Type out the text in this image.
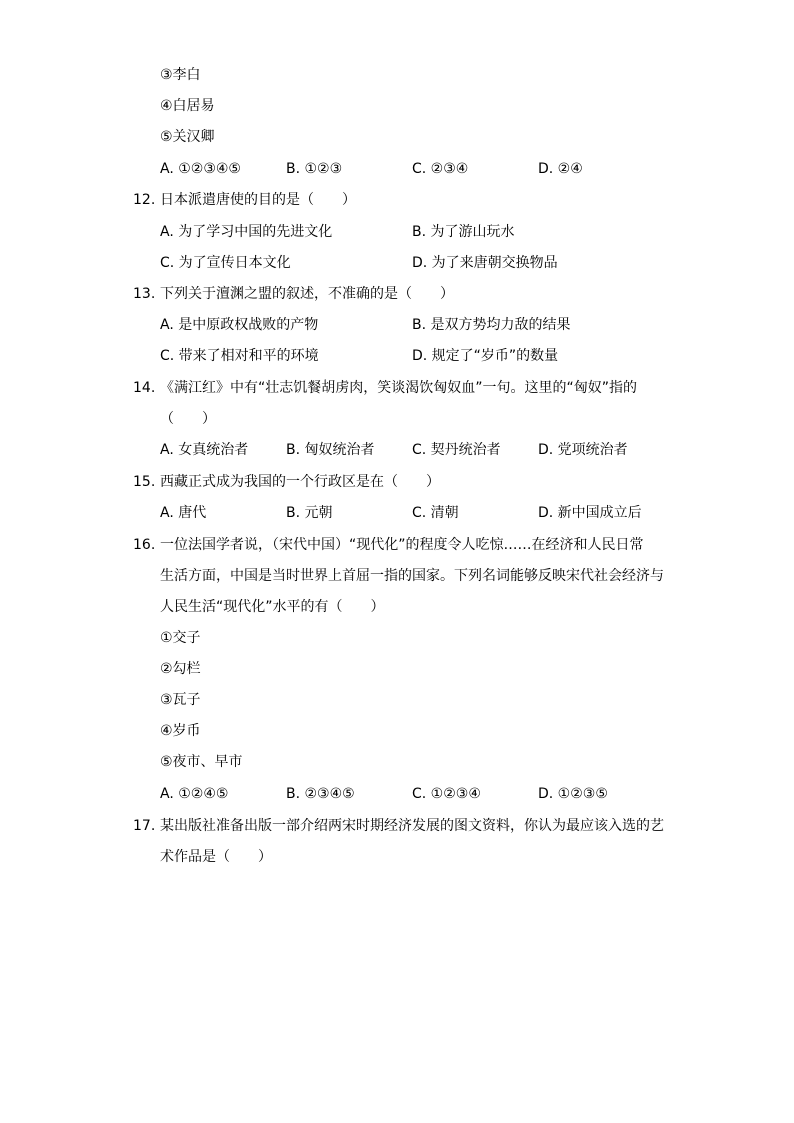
③李白
④白居易
⑤关汉卿
A. ①②③④⑤	B. ①②③	C. ②③④	D. ②④
12. 日本派遣唐使的目的是（　　）
A. 为了学习中国的先进文化	B. 为了游山玩水
C. 为了宣传日本文化	D. 为了来唐朝交换物品
13. 下列关于澶渊之盟的叙述，不准确的是（　　）
A. 是中原政权战败的产物	B. 是双方势均力敌的结果
C. 带来了相对和平的环境	D. 规定了“岁币”的数量
14. 《满江红》中有“壮志饥餐胡虏肉，笑谈渴饮匈奴血”一句。这里的“匈奴”指的
（　　）
A. 女真统治者	B. 匈奴统治者	C. 契丹统治者	D. 党项统治者
15. 西藏正式成为我国的一个行政区是在（　　）
A. 唐代	B. 元朝	C. 清朝	D. 新中国成立后
16. 一位法国学者说，（宋代中国）“现代化”的程度令人吃惊……在经济和人民日常
生活方面，中国是当时世界上首屈一指的国家。下列名词能够反映宋代社会经济与
人民生活“现代化”水平的有（　　）
①交子
②勾栏
③瓦子
④岁币
⑤夜市、早市
A. ①②④⑤	B. ②③④⑤	C. ①②③④	D. ①②③⑤
17. 某出版社准备出版一部介绍两宋时期经济发展的图文资料，你认为最应该入选的艺
术作品是（　　）
